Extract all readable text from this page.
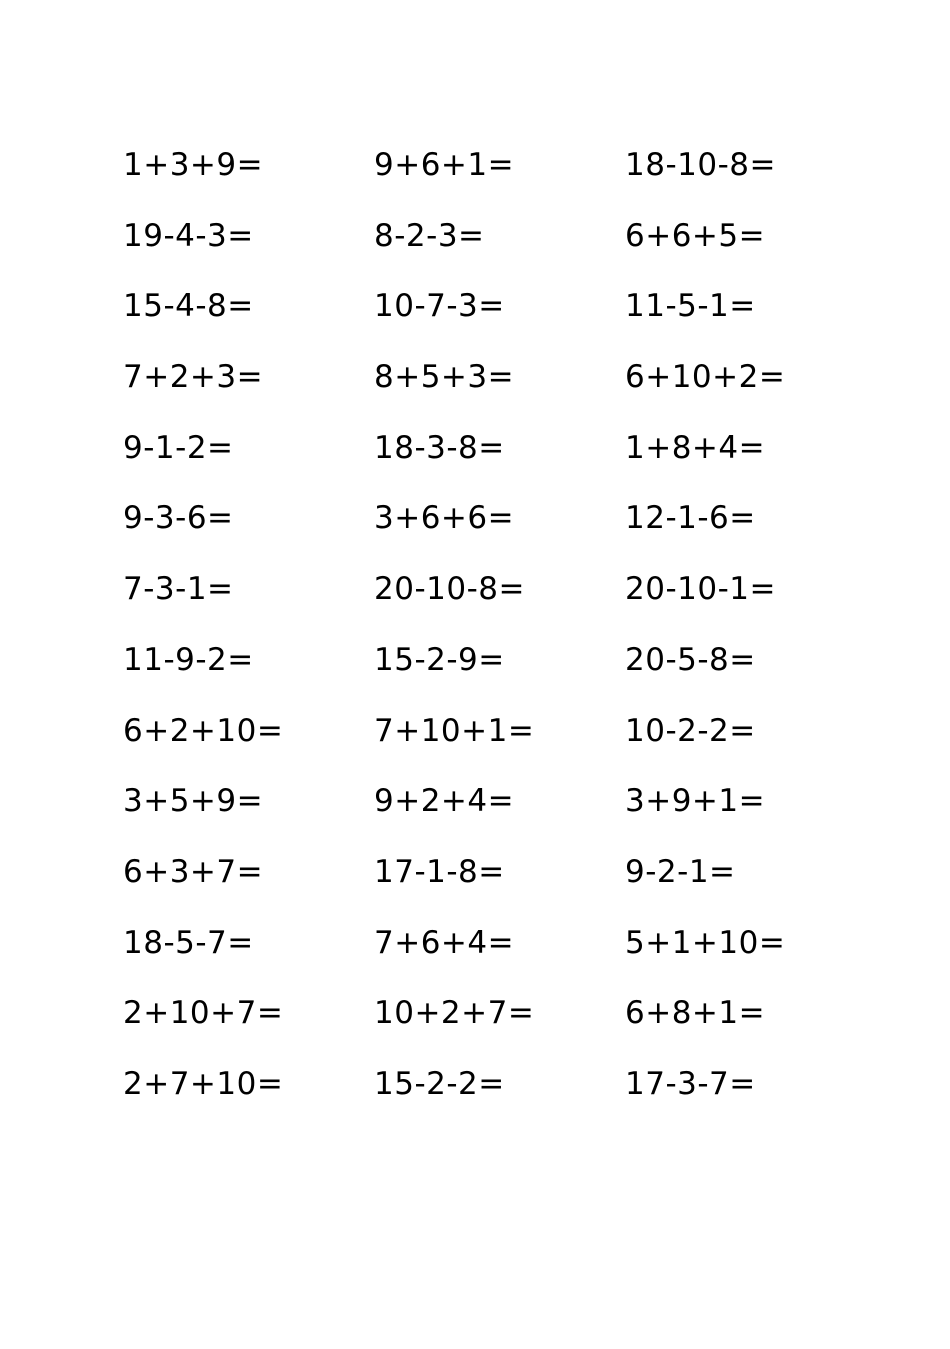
1+3+9=	9+6+1=	18-10-8=
19-4-3=	8-2-3=	6+6+5=
15-4-8=	10-7-3=	11-5-1=
7+2+3=	8+5+3=	6+10+2=
9-1-2=	18-3-8=	1+8+4=
9-3-6=	3+6+6=	12-1-6=
7-3-1=	20-10-8=	20-10-1=
11-9-2=	15-2-9=	20-5-8=
6+2+10=	7+10+1=	10-2-2=
3+5+9=	9+2+4=	3+9+1=
6+3+7=	17-1-8=	9-2-1=
18-5-7=	7+6+4=	5+1+10=
2+10+7=	10+2+7=	6+8+1=
2+7+10=	15-2-2=	17-3-7=
